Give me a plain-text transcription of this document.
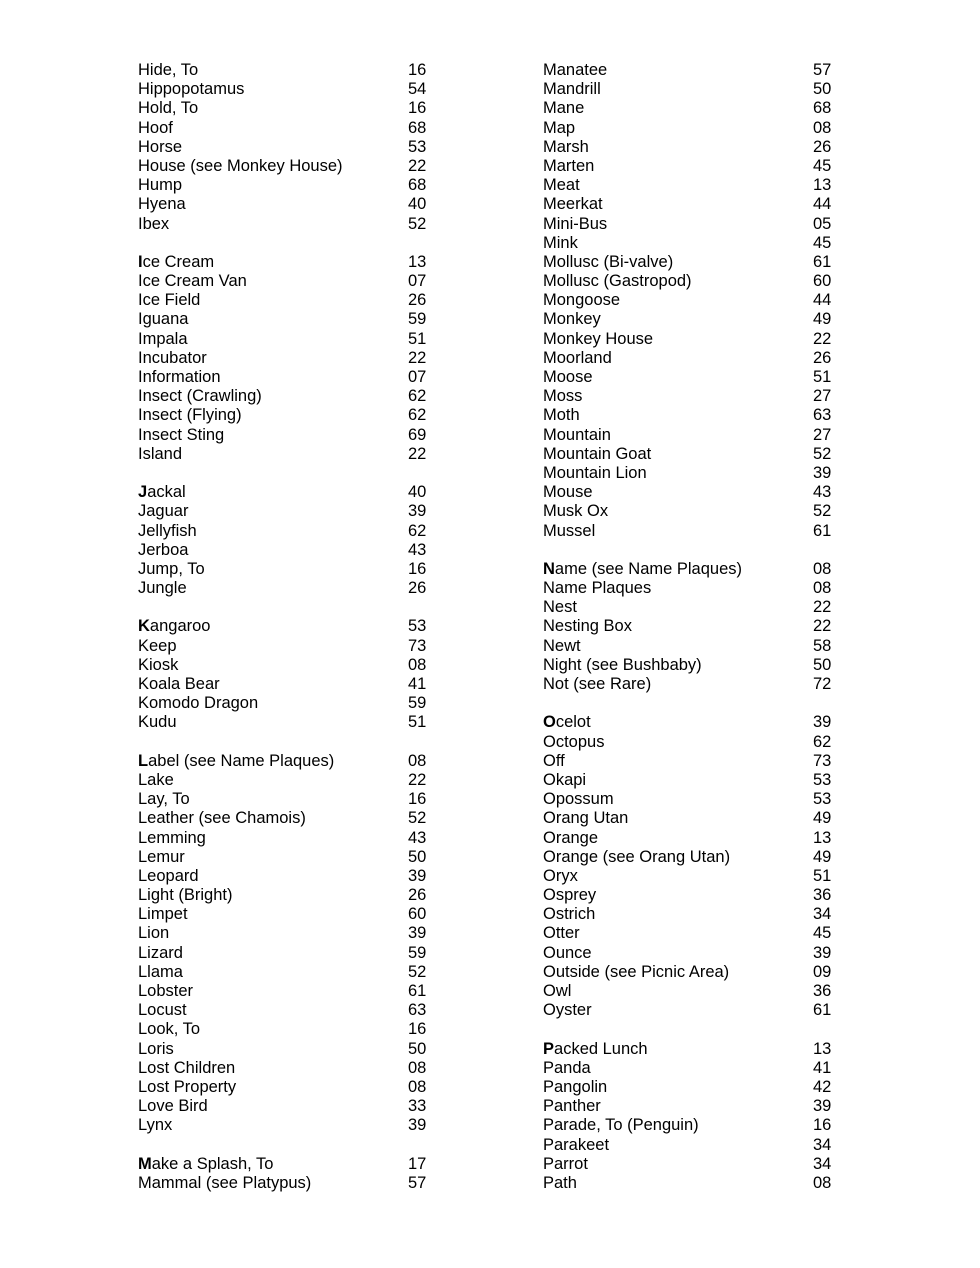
Hide, To	16
Hippopotamus	54
Hold, To	16
Hoof	68
Horse	53
House (see Monkey House)	22
Hump	68
Hyena	40
Ibex	52
Ice Cream	13
Ice Cream Van	07
Ice Field	26
Iguana	59
Impala	51
Incubator	22
Information	07
Insect (Crawling)	62
Insect (Flying)	62
Insect Sting	69
Island	22
Jackal	40
Jaguar	39
Jellyfish	62
Jerboa	43
Jump, To	16
Jungle	26
Kangaroo	53
Keep	73
Kiosk	08
Koala Bear	41
Komodo Dragon	59
Kudu	51
Label (see Name Plaques)	08
Lake	22
Lay, To	16
Leather (see Chamois)	52
Lemming	43
Lemur	50
Leopard	39
Light (Bright)	26
Limpet	60
Lion	39
Lizard	59
Llama	52
Lobster	61
Locust	63
Look, To	16
Loris	50
Lost Children	08
Lost Property	08
Love Bird	33
Lynx	39
Make a Splash, To	17
Mammal (see Platypus)	57
Manatee	57
Mandrill	50
Mane	68
Map	08
Marsh	26
Marten	45
Meat	13
Meerkat	44
Mini-Bus	05
Mink	45
Mollusc (Bi-valve)	61
Mollusc (Gastropod)	60
Mongoose	44
Monkey	49
Monkey House	22
Moorland	26
Moose	51
Moss	27
Moth	63
Mountain	27
Mountain Goat	52
Mountain Lion	39
Mouse	43
Musk Ox	52
Mussel	61
Name (see Name Plaques)	08
Name Plaques	08
Nest	22
Nesting Box	22
Newt	58
Night (see Bushbaby)	50
Not (see Rare)	72
Ocelot	39
Octopus	62
Off	73
Okapi	53
Opossum	53
Orang Utan	49
Orange	13
Orange (see Orang Utan)	49
Oryx	51
Osprey	36
Ostrich	34
Otter	45
Ounce	39
Outside (see Picnic Area)	09
Owl	36
Oyster	61
Packed Lunch	13
Panda	41
Pangolin	42
Panther	39
Parade, To (Penguin)	16
Parakeet	34
Parrot	34
Path	08
